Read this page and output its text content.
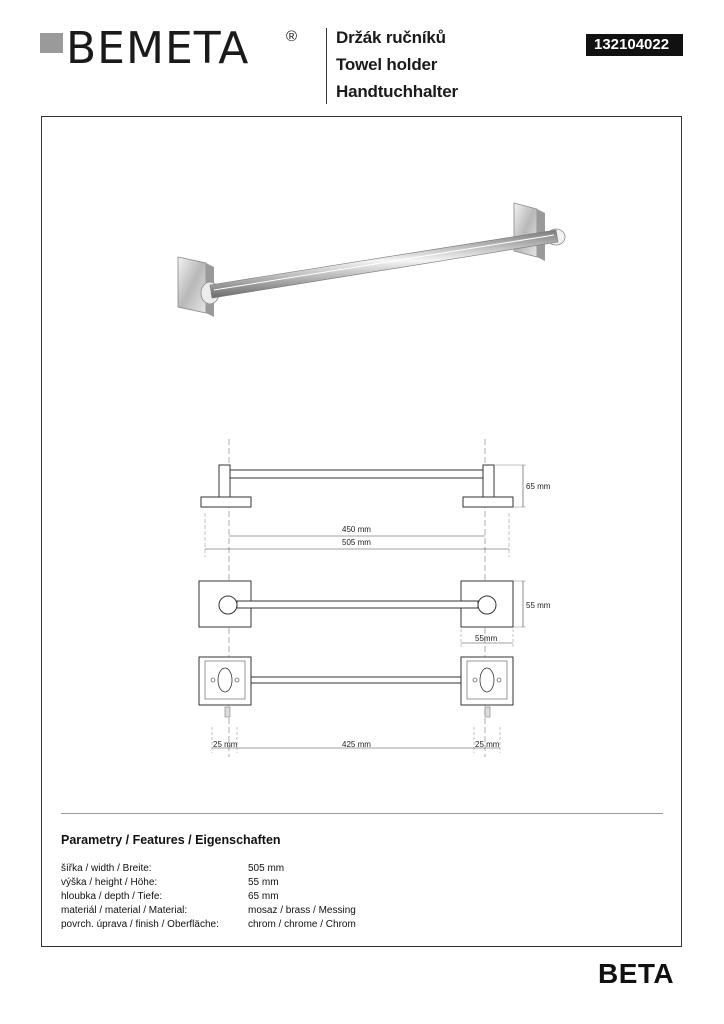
BEMETA ® Držák ručníků
Towel holder
Handtuchhalter
132104022
65 mm
450 mm
505 mm
55 mm
55mm
25 mm	425 mm	25 mm
Parametry / Features / Eigenschaften
šířka / width / Breite:	505 mm
výška / height / Höhe:	55 mm
hloubka / depth / Tiefe:	65 mm
materiál / material / Material:	mosaz / brass / Messing
povrch. úprava / finish / Oberfläche:	chrom / chrome / Chrom
BETA
